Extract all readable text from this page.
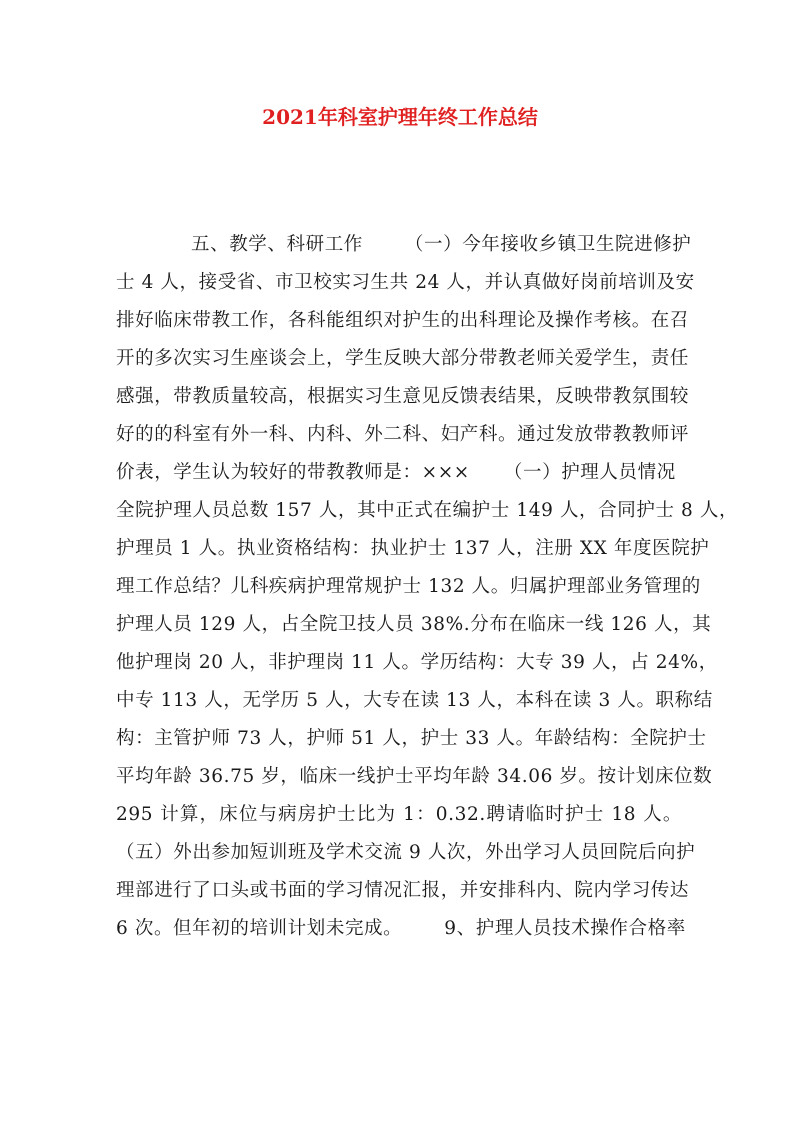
2021年科室护理年终工作总结
五、教学、科研工作 （一）今年接收乡镇卫生院进修护
士 4 人，接受省、市卫校实习生共 24 人，并认真做好岗前培训及安
排好临床带教工作，各科能组织对护生的出科理论及操作考核。在召
开的多次实习生座谈会上，学生反映大部分带教老师关爱学生，责任
感强，带教质量较高，根据实习生意见反馈表结果，反映带教氛围较
好的的科室有外一科、内科、外二科、妇产科。通过发放带教教师评
价表，学生认为较好的带教教师是：××× （一）护理人员情况
全院护理人员总数 157 人，其中正式在编护士 149 人，合同护士 8 人，
护理员 1 人。执业资格结构：执业护士 137 人，注册 XX 年度医院护
理工作总结？儿科疾病护理常规护士 132 人。归属护理部业务管理的
护理人员 129 人，占全院卫技人员 38%.分布在临床一线 126 人，其
他护理岗 20 人，非护理岗 11 人。学历结构：大专 39 人，占 24%，
中专 113 人，无学历 5 人，大专在读 13 人，本科在读 3 人。职称结
构：主管护师 73 人，护师 51 人，护士 33 人。年龄结构：全院护士
平均年龄 36.75 岁，临床一线护士平均年龄 34.06 岁。按计划床位数
295 计算，床位与病房护士比为 1：0.32.聘请临时护士 18 人。
（五）外出参加短训班及学术交流 9 人次，外出学习人员回院后向护
理部进行了口头或书面的学习情况汇报，并安排科内、院内学习传达
6 次。但年初的培训计划未完成。 9、护理人员技术操作合格率
